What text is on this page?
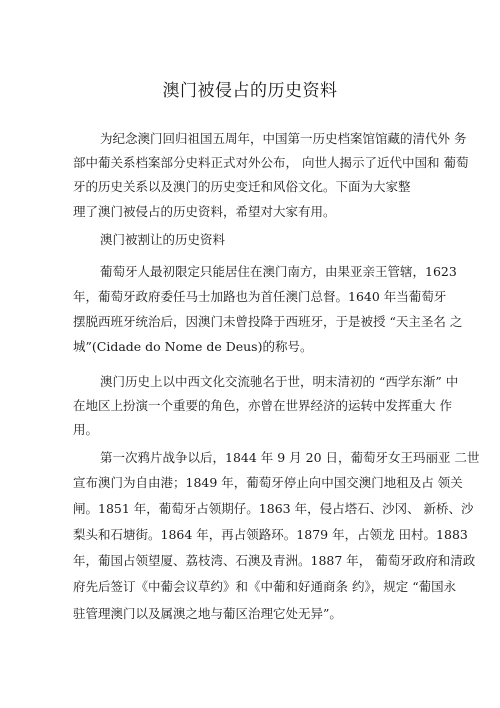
澳门被侵占的历史资料

为纪念澳门回归祖国五周年，中国第一历史档案馆馆藏的清代外 务

部中葡关系档案部分史料正式对外公布， 向世人揭示了近代中国和 葡萄

牙的历史关系以及澳门的历史变迁和风俗文化。下面为大家整

理了澳门被侵占的历史资料，希望对大家有用。

澳门被割让的历史资料

葡萄牙人最初限定只能居住在澳门南方，由果亚亲王管辖，1623

年，葡萄牙政府委任马士加路也为首任澳门总督。1640 年当葡萄牙

摆脱西班牙统治后，因澳门未曾投降于西班牙，于是被授 “天主圣名 之

城”(Cidade do Nome de Deus)的称号。

澳门历史上以中西文化交流驰名于世，明末清初的 “西学东渐” 中

在地区上扮演一个重要的角色，亦曾在世界经济的运转中发挥重大 作

用。

第一次鸦片战争以后，1844 年 9 月 20 日，葡萄牙女王玛丽亚 二世

宣布澳门为自由港；1849 年，葡萄牙停止向中国交澳门地租及占 领关

闸。1851 年，葡萄牙占领期仔。1863 年，侵占塔石、沙冈、 新桥、沙

梨头和石塘街。1864 年，再占领路环。1879 年，占领龙 田村。1883

年，葡国占领望厦、荔枝湾、石澳及青洲。1887 年， 葡萄牙政府和清政

府先后签订《中葡会议草约》和《中葡和好通商条 约》，规定 “葡国永

驻管理澳门以及属澳之地与葡区治理它处无异”。
